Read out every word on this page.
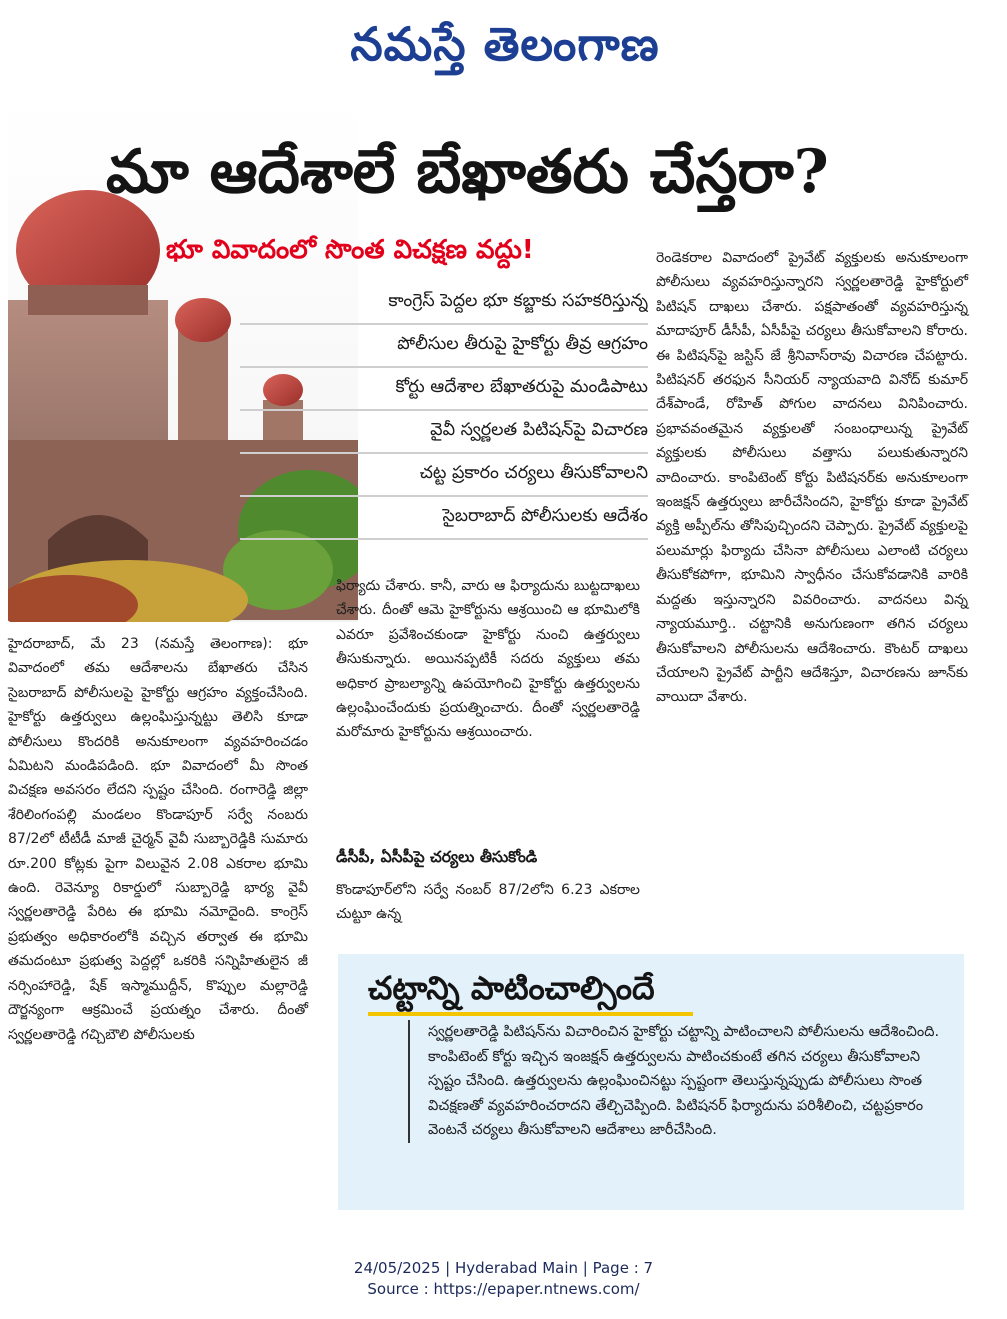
నమస్తే తెలంగాణ
మా ఆదేశాలే బేఖాతరు చేస్తరా?
భూ వివాదంలో సొంత విచక్షణ వద్దు!
కాంగ్రెస్ పెద్దల భూ కబ్జాకు సహకరిస్తున్న
పోలీసుల తీరుపై హైకోర్టు తీవ్ర ఆగ్రహం
కోర్టు ఆదేశాల బేఖాతరుపై మండిపాటు
వైవీ స్వర్ణలత పిటిషన్‌పై విచారణ
చట్ట ప్రకారం చర్యలు తీసుకోవాలని
సైబరాబాద్ పోలీసులకు ఆదేశం

హైదరాబాద్, మే 23 (నమస్తే తెలంగాణ): భూ వివాదంలో తమ ఆదేశాలను బేఖాతరు చేసిన సైబరాబాద్ పోలీసులపై హైకోర్టు ఆగ్రహం వ్యక్తంచేసింది. హైకోర్టు ఉత్తర్వులు ఉల్లంఘిస్తున్నట్టు తెలిసి కూడా పోలీసులు కొందరికి అనుకూలంగా వ్యవహరించడం ఏమిటని మండిపడింది. భూ వివాదంలో మీ సొంత విచక్షణ అవసరం లేదని స్పష్టం చేసింది. రంగారెడ్డి జిల్లా శేరిలింగంపల్లి మండలం కొండాపూర్ సర్వే నంబరు 87/2లో టీటీడీ మాజీ చైర్మన్ వైవీ సుబ్బారెడ్డికి సుమారు రూ.200 కోట్లకు పైగా విలువైన 2.08 ఎకరాల భూమి ఉంది. రెవెన్యూ రికార్డులో సుబ్బారెడ్డి భార్య వైవీ స్వర్ణలతారెడ్డి పేరిట ఈ భూమి నమోదైంది. కాంగ్రెస్ ప్రభుత్వం అధికారంలోకి వచ్చిన తర్వాత ఈ భూమి తమదంటూ ప్రభుత్వ పెద్దల్లో ఒకరికి సన్నిహితులైన జీ నర్సింహారెడ్డి, షేక్ ఇస్మాముద్దీన్, కొప్పుల మల్లారెడ్డి దౌర్జన్యంగా ఆక్రమించే ప్రయత్నం చేశారు. దీంతో స్వర్ణలతారెడ్డి గచ్చిబౌలి పోలీసులకు

ఫిర్యాదు చేశారు. కానీ, వారు ఆ ఫిర్యాదును బుట్టదాఖలు చేశారు. దీంతో ఆమె హైకోర్టును ఆశ్రయించి ఆ భూమిలోకి ఎవరూ ప్రవేశించకుండా హైకోర్టు నుంచి ఉత్తర్వులు తీసుకున్నారు. అయినప్పటికీ సదరు వ్యక్తులు తమ అధికార ప్రాబల్యాన్ని ఉపయోగించి హైకోర్టు ఉత్తర్వులను ఉల్లంఘించేందుకు ప్రయత్నించారు. దీంతో స్వర్ణలతారెడ్డి మరోమారు హైకోర్టును ఆశ్రయించారు.

డీసీపీ, ఏసీపీపై చర్యలు తీసుకోండి

కొండాపూర్‌లోని సర్వే నంబర్ 87/2లోని 6.23 ఎకరాల చుట్టూ ఉన్న

రెండెకరాల వివాదంలో ప్రైవేట్ వ్యక్తులకు అనుకూలంగా పోలీసులు వ్యవహరిస్తున్నారని స్వర్ణలతారెడ్డి హైకోర్టులో పిటిషన్ దాఖలు చేశారు. పక్షపాతంతో వ్యవహరిస్తున్న మాదాపూర్ డీసీపీ, ఏసీపీపై చర్యలు తీసుకోవాలని కోరారు. ఈ పిటిషన్‌పై జస్టిస్ జే శ్రీనివాస్‌రావు విచారణ చేపట్టారు. పిటిషనర్ తరఫున సీనియర్ న్యాయవాది వినోద్ కుమార్ దేశ్‌పాండే, రోహిత్ పోగుల వాదనలు వినిపించారు. ప్రభావవంతమైన వ్యక్తులతో సంబంధాలున్న ప్రైవేట్ వ్యక్తులకు పోలీసులు వత్తాసు పలుకుతున్నారని వాదించారు. కాంపిటెంట్ కోర్టు పిటిషనర్‌కు అనుకూలంగా ఇంజక్షన్ ఉత్తర్వులు జారీచేసిందని, హైకోర్టు కూడా ప్రైవేట్ వ్యక్తి అప్పీల్‌ను తోసిపుచ్చిందని చెప్పారు. ప్రైవేట్ వ్యక్తులపై పలుమార్లు ఫిర్యాదు చేసినా పోలీసులు ఎలాంటి చర్యలు తీసుకోకపోగా, భూమిని స్వాధీనం చేసుకోవడానికి వారికి మద్దతు ఇస్తున్నారని వివరించారు. వాదనలు విన్న న్యాయమూర్తి.. చట్టానికి అనుగుణంగా తగిన చర్యలు తీసుకోవాలని పోలీసులను ఆదేశించారు. కౌంటర్ దాఖలు చేయాలని ప్రైవేట్ పార్టీని ఆదేశిస్తూ, విచారణను జూన్‌కు వాయిదా వేశారు.

చట్టాన్ని పాటించాల్సిందే
స్వర్ణలతారెడ్డి పిటిషన్‌ను విచారించిన హైకోర్టు చట్టాన్ని పాటించాలని పోలీసులను ఆదేశించింది. కాంపిటెంట్ కోర్టు ఇచ్చిన ఇంజక్షన్ ఉత్తర్వులను పాటించకుంటే తగిన చర్యలు తీసుకోవాలని స్పష్టం చేసింది. ఉత్తర్వులను ఉల్లంఘించినట్టు స్పష్టంగా తెలుస్తున్నప్పుడు పోలీసులు సొంత విచక్షణతో వ్యవహరించరాదని తేల్చిచెప్పింది. పిటిషనర్ ఫిర్యాదును పరిశీలించి, చట్టప్రకారం వెంటనే చర్యలు తీసుకోవాలని ఆదేశాలు జారీచేసింది.
24/05/2025 | Hyderabad Main | Page : 7
Source : https://epaper.ntnews.com/
